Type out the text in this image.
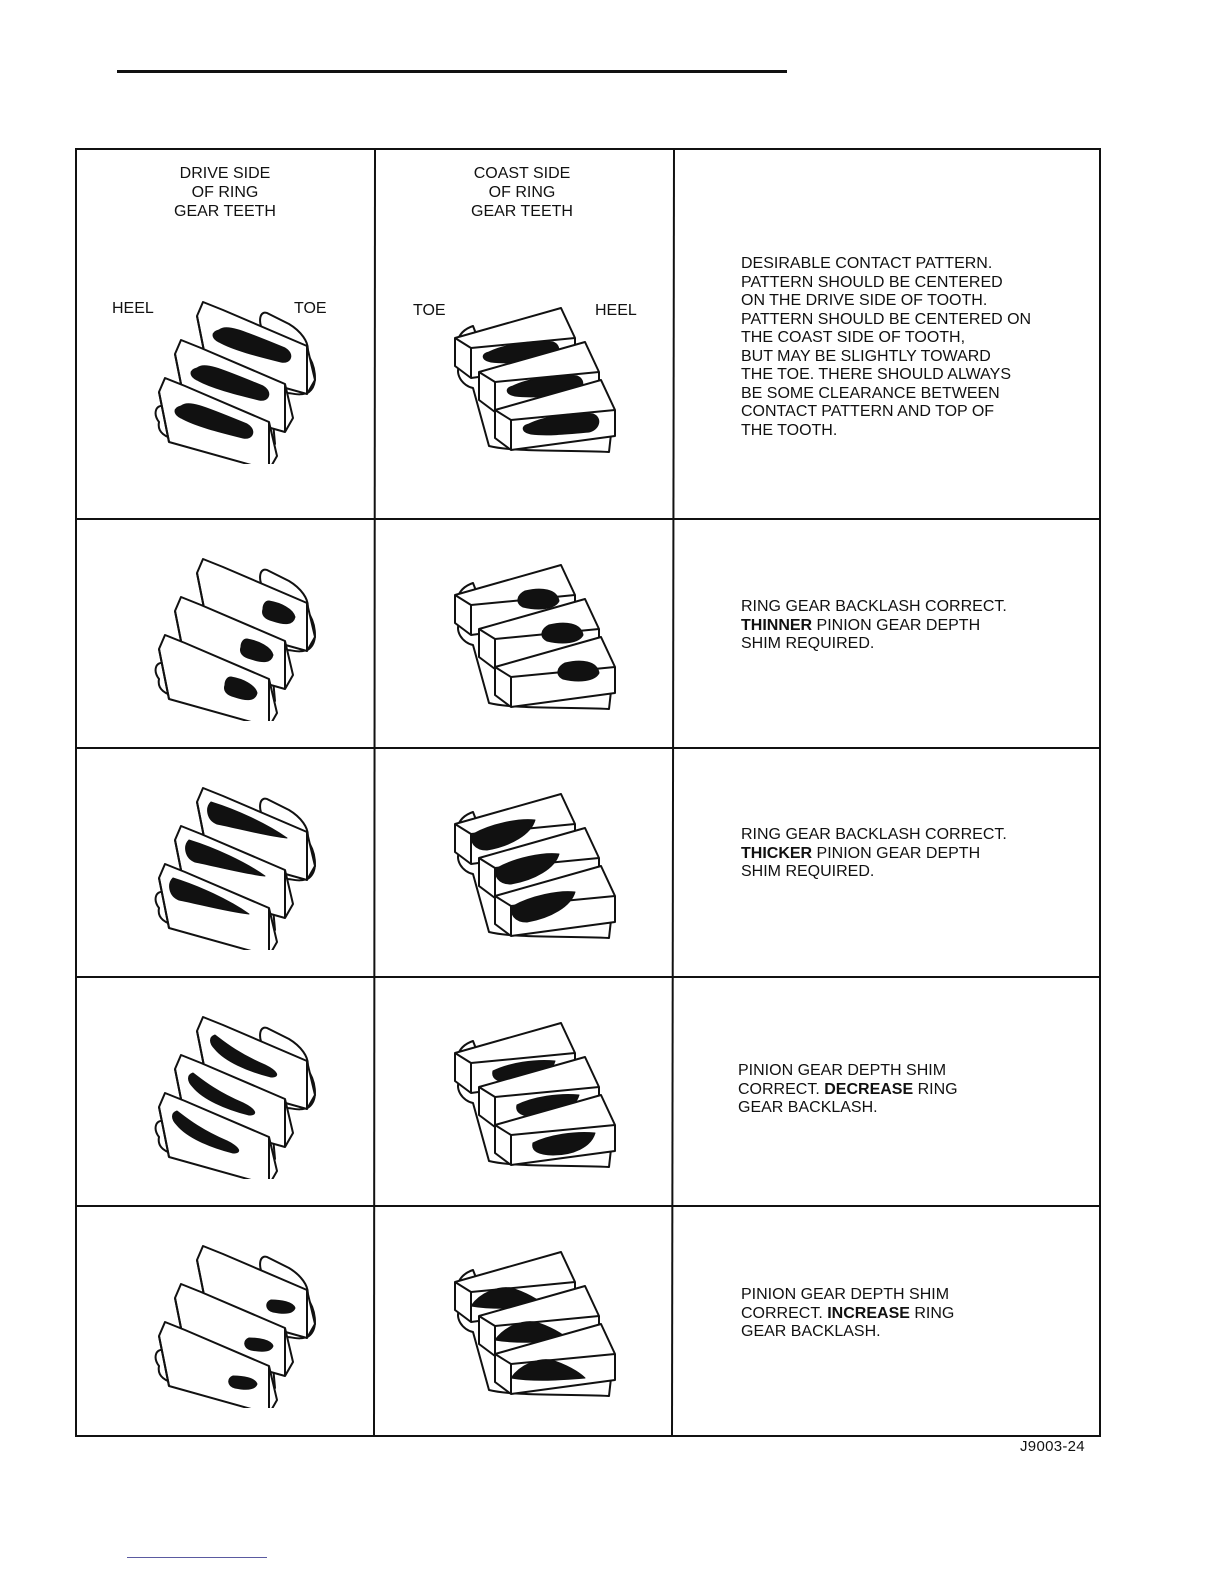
DRIVE SIDE
OF RING
GEAR TEETH
COAST SIDE
OF RING
GEAR TEETH
HEEL	TOE	TOE	HEEL
DESIRABLE CONTACT PATTERN.
PATTERN SHOULD BE CENTERED
ON THE DRIVE SIDE OF TOOTH.
PATTERN SHOULD BE CENTERED ON
THE COAST SIDE OF TOOTH,
BUT MAY BE SLIGHTLY TOWARD
THE TOE. THERE SHOULD ALWAYS
BE SOME CLEARANCE BETWEEN
CONTACT PATTERN AND TOP OF
THE TOOTH.
RING GEAR BACKLASH CORRECT.
THINNER PINION GEAR DEPTH
SHIM REQUIRED.
RING GEAR BACKLASH CORRECT.
THICKER PINION GEAR DEPTH
SHIM REQUIRED.
PINION GEAR DEPTH SHIM
CORRECT. DECREASE RING
GEAR BACKLASH.
PINION GEAR DEPTH SHIM
CORRECT. INCREASE RING
GEAR BACKLASH.
J9003-24
